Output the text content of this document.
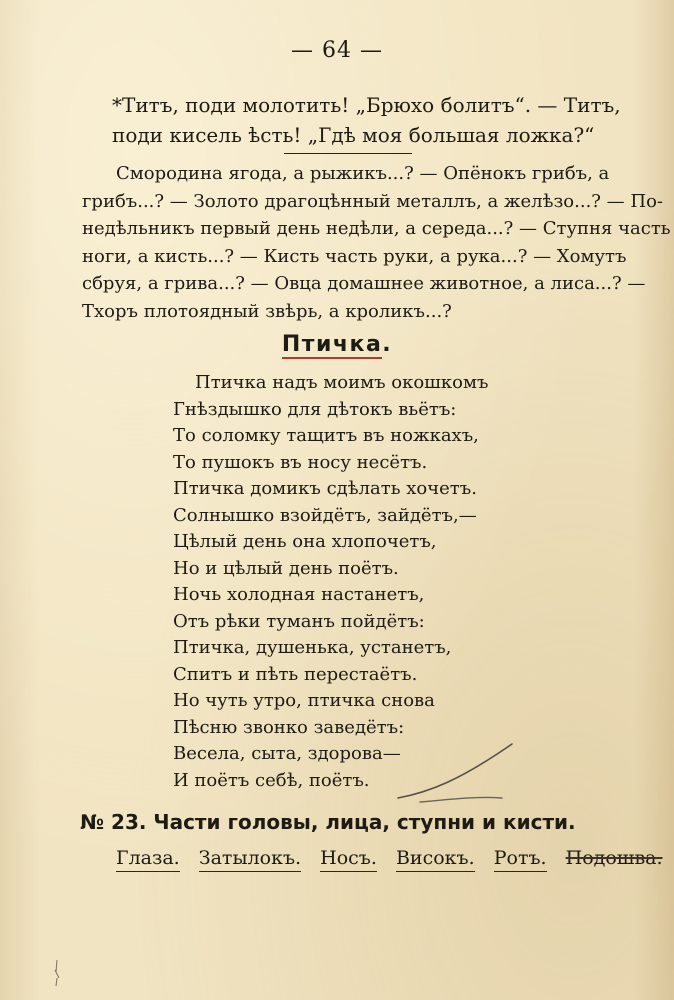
— 64 —
*Титъ, поди молотить! „Брюхо болитъ“. — Титъ,
поди кисель ѣсть! „Гдѣ моя большая ложка?“
Смородина ягода, а рыжикъ...? — Опёнокъ грибъ, а
грибъ...? — Золото драгоцѣнный металлъ, а желѣзо...? — По-
недѣльникъ первый день недѣли, а середа...? — Ступня часть
ноги, а кисть...? — Кисть часть руки, а рука...? — Хомутъ
сбруя, а грива...? — Овца домашнее животное, а лиса...? —
Тхоръ плотоядный звѣрь, а кроликъ...?
Птичка.
Птичка надъ моимъ окошкомъ
Гнѣздышко для дѣтокъ вьётъ:
То соломку тащитъ въ ножкахъ,
То пушокъ въ носу несётъ.
Птичка домикъ сдѣлать хочетъ.
Солнышко взойдётъ, зайдётъ,—
Цѣлый день она хлопочетъ,
Но и цѣлый день поётъ.
Ночь холодная настанетъ,
Отъ рѣки туманъ пойдётъ:
Птичка, душенька, устанетъ,
Спитъ и пѣть перестаётъ.
Но чуть утро, птичка снова
Пѣсню звонко заведётъ:
Весела, сыта, здорова—
И поётъ себѣ, поётъ.
№ 23. Части головы, лица, ступни и кисти.
Глаза. Затылокъ. Носъ. Високъ. Ротъ. Подошва.
